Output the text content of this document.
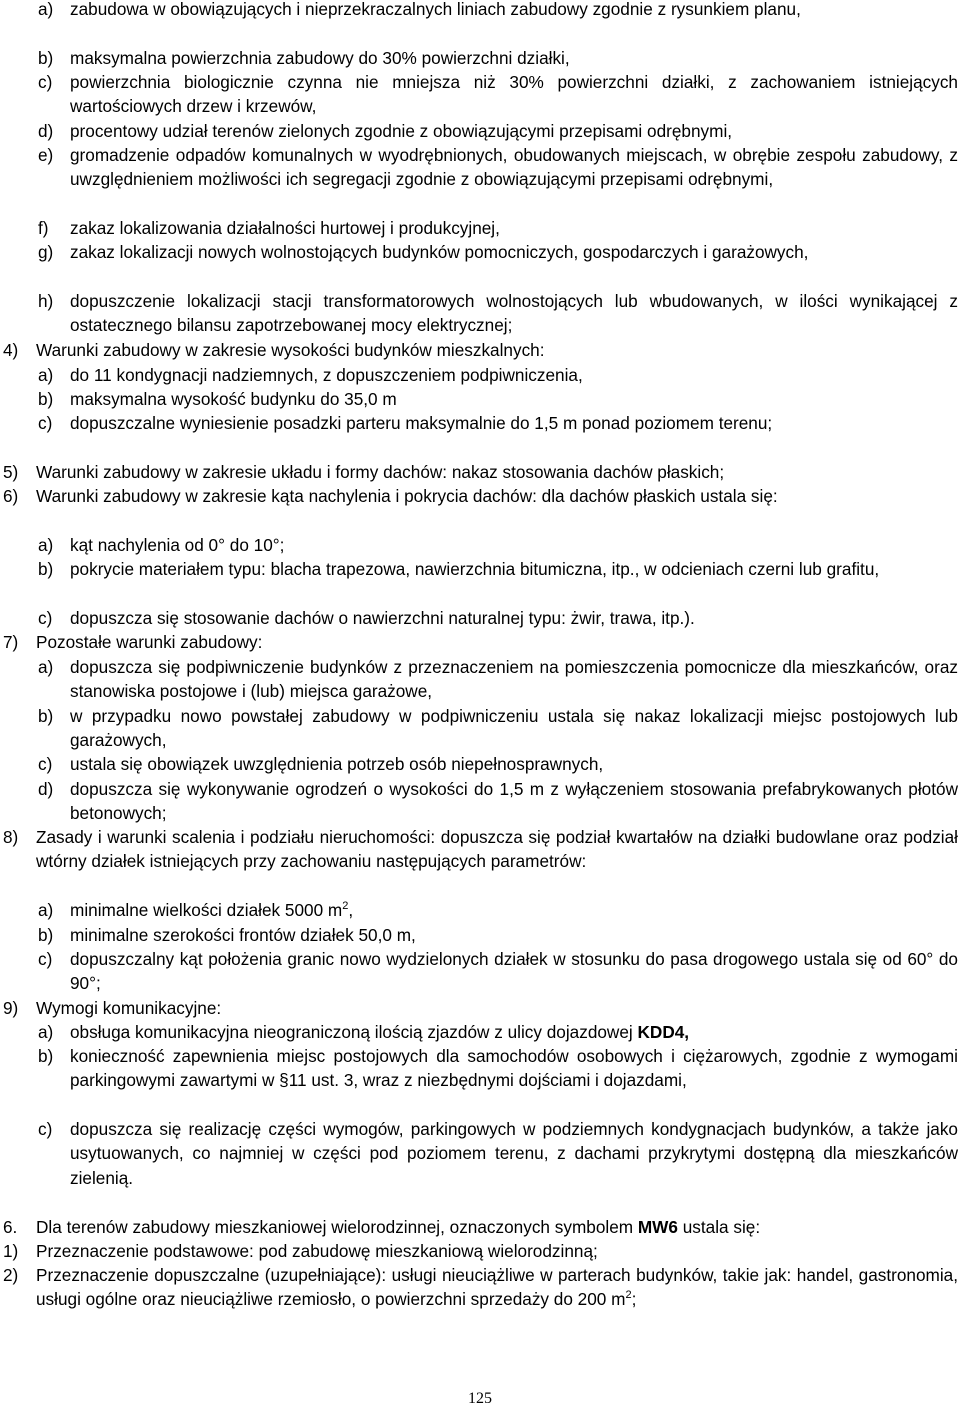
a) zabudowa w obowiązujących i nieprzekraczalnych liniach zabudowy zgodnie z rysunkiem planu,
b) maksymalna powierzchnia zabudowy do 30% powierzchni działki,
c) powierzchnia biologicznie czynna nie mniejsza niż 30% powierzchni działki, z zachowaniem istniejących wartościowych drzew i krzewów,
d) procentowy udział terenów zielonych zgodnie z obowiązującymi przepisami odrębnymi,
e) gromadzenie odpadów komunalnych w wyodrębnionych, obudowanych miejscach, w obrębie zespołu zabudowy, z uwzględnieniem możliwości ich segregacji zgodnie z obowiązującymi przepisami odrębnymi,
f) zakaz lokalizowania działalności hurtowej i produkcyjnej,
g) zakaz lokalizacji nowych wolnostojących budynków pomocniczych, gospodarczych i garażowych,
h) dopuszczenie lokalizacji stacji transformatorowych wolnostojących lub wbudowanych, w ilości wynikającej z ostatecznego bilansu zapotrzebowanej mocy elektrycznej;
4) Warunki zabudowy w zakresie wysokości budynków mieszkalnych:
a) do 11 kondygnacji nadziemnych, z dopuszczeniem podpiwniczenia,
b) maksymalna wysokość budynku do 35,0 m
c) dopuszczalne wyniesienie posadzki parteru maksymalnie do 1,5 m ponad poziomem terenu;
5) Warunki zabudowy w zakresie układu i formy dachów: nakaz stosowania dachów płaskich;
6) Warunki zabudowy w zakresie kąta nachylenia i pokrycia dachów: dla dachów płaskich ustala się:
a) kąt nachylenia od 0° do 10°;
b) pokrycie materiałem typu: blacha trapezowa, nawierzchnia bitumiczna, itp., w odcieniach czerni lub grafitu,
c) dopuszcza się stosowanie dachów o nawierzchni naturalnej typu: żwir, trawa, itp.).
7) Pozostałe warunki zabudowy:
a) dopuszcza się podpiwniczenie budynków z przeznaczeniem na pomieszczenia pomocnicze dla mieszkańców, oraz stanowiska postojowe i (lub) miejsca garażowe,
b) w przypadku nowo powstałej zabudowy w podpiwniczeniu ustala się nakaz lokalizacji miejsc postojowych lub garażowych,
c) ustala się obowiązek uwzględnienia potrzeb osób niepełnosprawnych,
d) dopuszcza się wykonywanie ogrodzeń o wysokości do 1,5 m z wyłączeniem stosowania prefabrykowanych płotów betonowych;
8) Zasady i warunki scalenia i podziału nieruchomości: dopuszcza się podział kwartałów na działki budowlane oraz podział wtórny działek istniejących przy zachowaniu następujących parametrów:
a) minimalne wielkości działek 5000 $m^2$,
b) minimalne szerokości frontów działek 50,0 m,
c) dopuszczalny kąt położenia granic nowo wydzielonych działek w stosunku do pasa drogowego ustala się od 60° do 90°;
9) Wymogi komunikacyjne:
a) obsługa komunikacyjna nieograniczoną ilością zjazdów z ulicy dojazdowej KDD4,
b) konieczność zapewnienia miejsc postojowych dla samochodów osobowych i ciężarowych, zgodnie z wymogami parkingowymi zawartymi w §11 ust. 3, wraz z niezbędnymi dojściami i dojazdami,
c) dopuszcza się realizację części wymogów, parkingowych w podziemnych kondygnacjach budynków, a także jako usytuowanych, co najmniej w części pod poziomem terenu, z dachami przykrytymi dostępną dla mieszkańców zielenią.
6. Dla terenów zabudowy mieszkaniowej wielorodzinnej, oznaczonych symbolem MW6 ustala się:
1) Przeznaczenie podstawowe: pod zabudowę mieszkaniową wielorodzinną;
2) Przeznaczenie dopuszczalne (uzupełniające): usługi nieuciążliwe w parterach budynków, takie jak: handel, gastronomia, usługi ogólne oraz nieuciążliwe rzemiosło, o powierzchni sprzedaży do 200 $m^2$;
125
